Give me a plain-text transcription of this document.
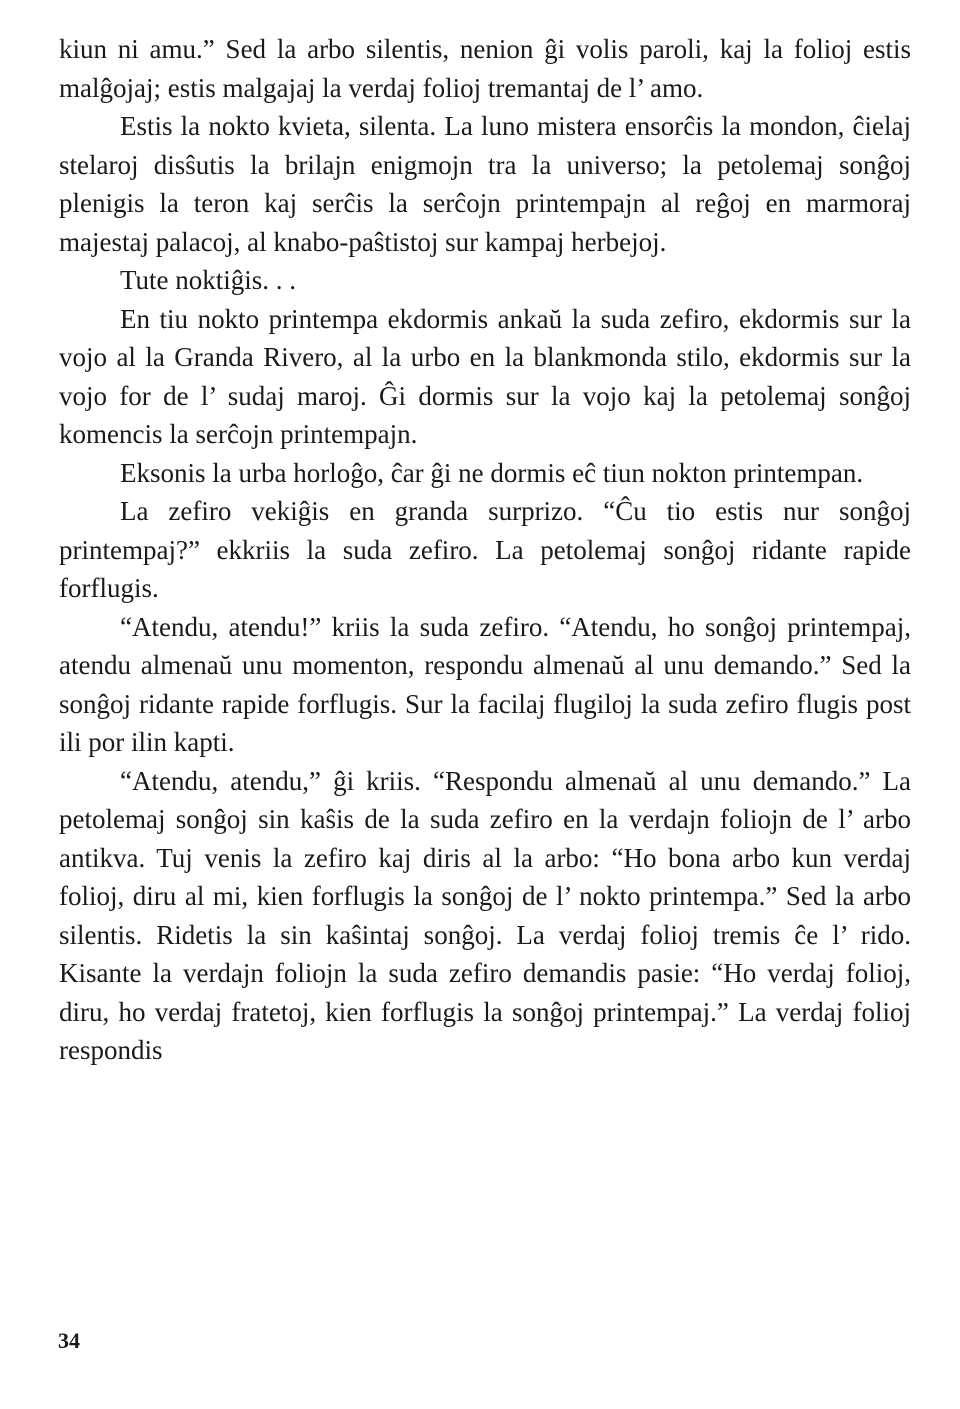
kiun ni amu.” Sed la arbo silentis, nenion ĝi volis paroli, kaj la folioj estis malĝojaj; estis malgajaj la verdaj folioj tremantaj de l’ amo.

Estis la nokto kvieta, silenta. La luno mistera ensorĉis la mondon, ĉielaj stelaroj disŝutis la brilajn enigmojn tra la universo; la petolemaj sonĝoj plenigis la teron kaj serĉis la serĉojn printempajn al reĝoj en marmoraj majestaj palacoj, al knabo-paŝtistoj sur kampaj herbejoj.

Tute noktiĝis. . .

En tiu nokto printempa ekdormis ankaŭ la suda zefiro, ekdormis sur la vojo al la Granda Rivero, al la urbo en la blankmonda stilo, ekdormis sur la vojo for de l’ sudaj maroj. Ĝi dormis sur la vojo kaj la petolemaj sonĝoj komencis la serĉojn printempajn.

Eksonis la urba horloĝo, ĉar ĝi ne dormis eĉ tiun nokton printempan.

La zefiro vekiĝis en granda surprizo. “Ĉu tio estis nur sonĝoj printempaj?” ekkriis la suda zefiro. La petolemaj sonĝoj ridante rapide forflugis.

“Atendu, atendu!” kriis la suda zefiro. “Atendu, ho sonĝoj printempaj, atendu almenaŭ unu momenton, respondu almenaŭ al unu demando.” Sed la sonĝoj ridante rapide forflugis. Sur la facilaj flugiloj la suda zefiro flugis post ili por ilin kapti.

“Atendu, atendu,” ĝi kriis. “Respondu almenaŭ al unu demando.” La petolemaj sonĝoj sin kaŝis de la suda zefiro en la verdajn foliojn de l’ arbo antikva. Tuj venis la zefiro kaj diris al la arbo: “Ho bona arbo kun verdaj folioj, diru al mi, kien forflugis la sonĝoj de l’ nokto printempa.” Sed la arbo silentis. Ridetis la sin kaŝintaj sonĝoj. La verdaj folioj tremis ĉe l’ rido. Kisante la verdajn foliojn la suda zefiro demandis pasie: “Ho verdaj folioj, diru, ho verdaj fratetoj, kien forflugis la sonĝoj printempaj.” La verdaj folioj respondis

34
